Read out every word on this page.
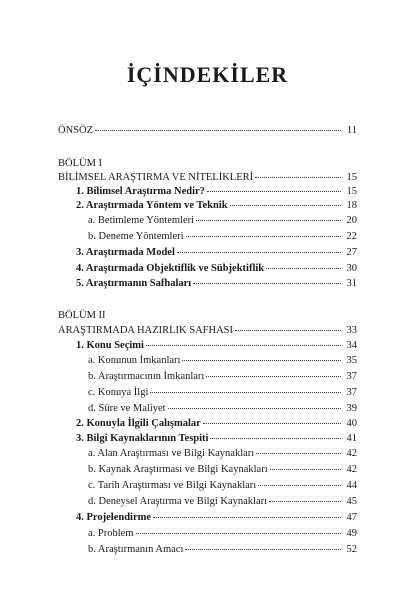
İÇİNDEKİLER
ÖNSÖZ	11
BÖLÜM I
BİLİMSEL ARAŞTIRMA VE NİTELİKLERİ	15
1. Bilimsel Araştırma Nedir?	15
2. Araştırmada Yöntem ve Teknik	18
a. Betimleme Yöntemleri	20
b. Deneme Yöntemleri	22
3. Araştırmada Model	27
4. Araştırmada Objektiflik ve Sübjektiflik	30
5. Araştırmanın Safhaları	31
BÖLÜM II
ARAŞTIRMADA HAZIRLIK SAFHASI	33
1. Konu Seçimi	34
a. Konunun İmkanları	35
b. Araştırmacının İmkanları	37
c. Konuya İlgi	37
d. Süre ve Maliyet	39
2. Konuyla İlgili Çalışmalar	40
3. Bilgi Kaynaklarının Tespiti	41
a. Alan Araştırması ve Bilgi Kaynakları	42
b. Kaynak Araştırması ve Bilgi Kaynakları	42
c. Tarih Araştırması ve Bilgi Kaynakları	44
d. Deneysel Araştırma ve Bilgi Kaynakları	45
4. Projelendirme	47
a. Problem	49
b. Araştırmanın Amacı	52
